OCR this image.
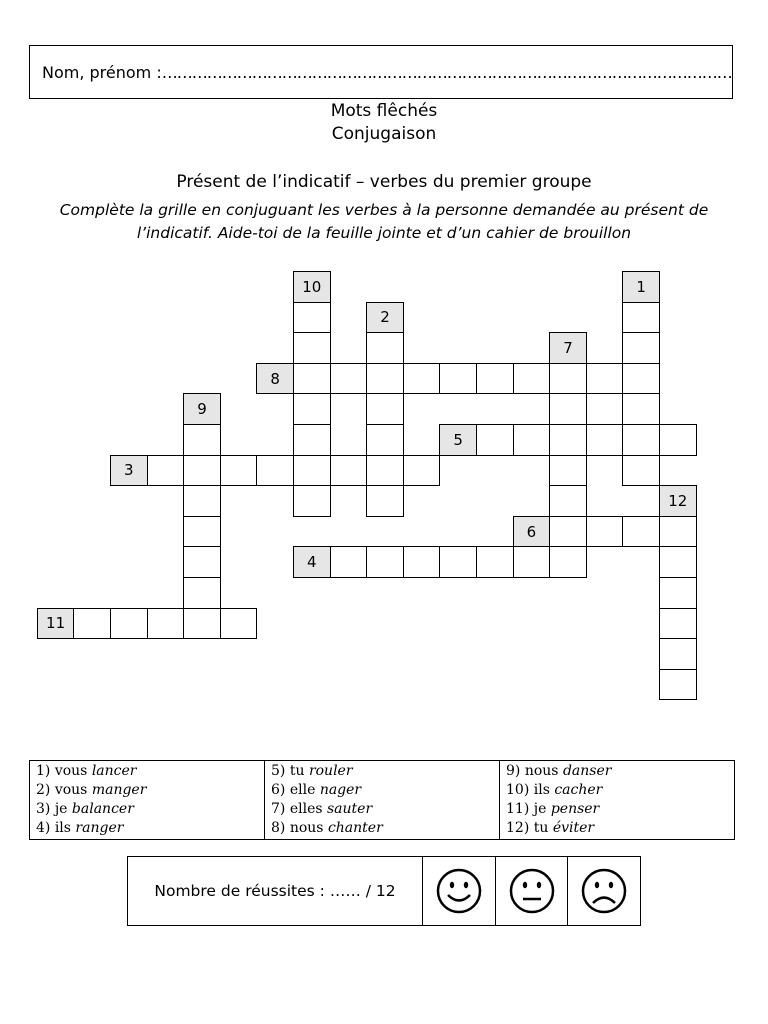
Nom, prénom : ……………………………………………………………………………………………………
Mots flêchés
Conjugaison
Présent de l’indicatif – verbes du premier groupe
Complète la grille en conjuguant les verbes à la personne demandée au présent de l’indicatif. Aide-toi de la feuille jointe et d’un cahier de brouillon
1
2
3
4
5
6
7
8
9
10
11
12
1) vous lancer
2) vous manger
3) je balancer
4) ils ranger
5) tu rouler
6) elle nager
7) elles sauter
8) nous chanter
9) nous danser
10) ils cacher
11) je penser
12) tu éviter
Nombre de réussites :
……
/ 12
